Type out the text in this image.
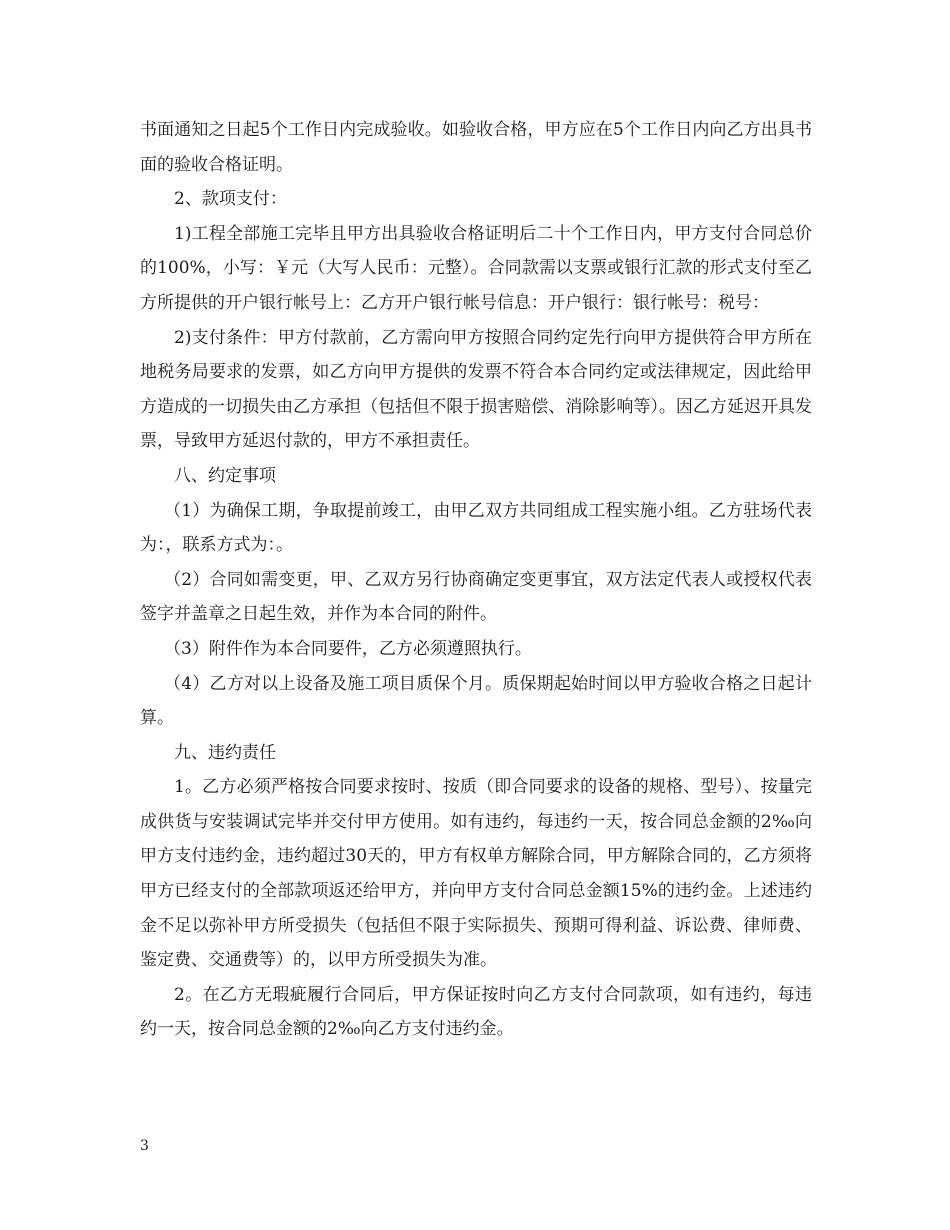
书面通知之日起5个工作日内完成验收。如验收合格，甲方应在5个工作日内向乙方出具书面的验收合格证明。

2、款项支付：

1)工程全部施工完毕且甲方出具验收合格证明后二十个工作日内，甲方支付合同总价的100%，小写：￥元（大写人民币：元整）。合同款需以支票或银行汇款的形式支付至乙方所提供的开户银行帐号上：乙方开户银行帐号信息：开户银行：银行帐号：税号：

2)支付条件：甲方付款前，乙方需向甲方按照合同约定先行向甲方提供符合甲方所在地税务局要求的发票，如乙方向甲方提供的发票不符合本合同约定或法律规定，因此给甲方造成的一切损失由乙方承担（包括但不限于损害赔偿、消除影响等）。因乙方延迟开具发票，导致甲方延迟付款的，甲方不承担责任。

八、约定事项

（1）为确保工期，争取提前竣工，由甲乙双方共同组成工程实施小组。乙方驻场代表为：，联系方式为：。

（2）合同如需变更，甲、乙双方另行协商确定变更事宜，双方法定代表人或授权代表签字并盖章之日起生效，并作为本合同的附件。

（3）附件作为本合同要件，乙方必须遵照执行。

（4）乙方对以上设备及施工项目质保个月。质保期起始时间以甲方验收合格之日起计算。

九、违约责任

1。乙方必须严格按合同要求按时、按质（即合同要求的设备的规格、型号）、按量完成供货与安装调试完毕并交付甲方使用。如有违约，每违约一天，按合同总金额的2‰向甲方支付违约金，违约超过30天的，甲方有权单方解除合同，甲方解除合同的，乙方须将甲方已经支付的全部款项返还给甲方，并向甲方支付合同总金额15%的违约金。上述违约金不足以弥补甲方所受损失（包括但不限于实际损失、预期可得利益、诉讼费、律师费、鉴定费、交通费等）的，以甲方所受损失为准。

2。在乙方无瑕疵履行合同后，甲方保证按时向乙方支付合同款项，如有违约，每违约一天，按合同总金额的2‰向乙方支付违约金。

3
